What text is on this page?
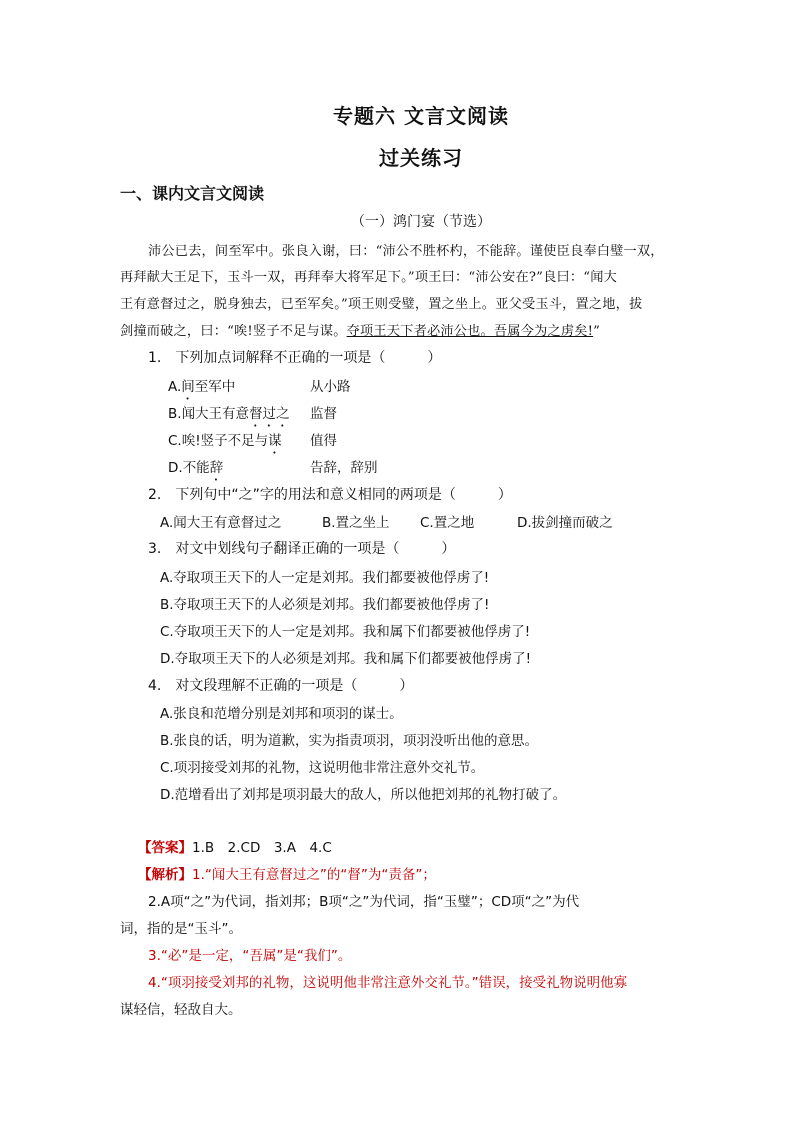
专题六 文言文阅读
过关练习
一、课内文言文阅读
（一）鸿门宴（节选）
沛公已去，间至军中。张良入谢，曰：“沛公不胜杯杓，不能辞。谨使臣良奉白璧一双，
再拜献大王足下，玉斗一双，再拜奉大将军足下。”项王曰：“沛公安在?”良曰：“闻大
王有意督过之，脱身独去，已至军矣。”项王则受璧，置之坐上。亚父受玉斗，置之地，拔
剑撞而破之，曰：“唉!竖子不足与谋。夺项王天下者必沛公也。吾属今为之虏矣!”
1.　下列加点词解释不正确的一项是（　　　）
A.间至军中	从小路
B.闻大王有意督过之 监督
C.唉!竖子不足与谋 值得
D.不能辞	告辞，辞别
2.　下列句中“之”字的用法和意义相同的两项是（　　　）
A.闻大王有意督过之	B.置之坐上 C.置之地	D.拔剑撞而破之
3.　对文中划线句子翻译正确的一项是（　　　）
A.夺取项王天下的人一定是刘邦。我们都要被他俘虏了!
B.夺取项王天下的人必须是刘邦。我们都要被他俘虏了!
C.夺取项王天下的人一定是刘邦。我和属下们都要被他俘虏了!
D.夺取项王天下的人必须是刘邦。我和属下们都要被他俘虏了!
4.　对文段理解不正确的一项是（　　　）
A.张良和范增分别是刘邦和项羽的谋士。
B.张良的话，明为道歉，实为指责项羽，项羽没听出他的意思。
C.项羽接受刘邦的礼物，这说明他非常注意外交礼节。
D.范增看出了刘邦是项羽最大的敌人，所以他把刘邦的礼物打破了。
【答案】1.B　2.CD　3.A　4.C
【解析】1.“闻大王有意督过之”的“督”为“责备”；
2.A项“之”为代词，指刘邦；B项“之”为代词，指“玉璧”；CD项“之”为代
词，指的是“玉斗”。
3.“必”是一定，“吾属”是“我们”。
4.“项羽接受刘邦的礼物，这说明他非常注意外交礼节。”错误，接受礼物说明他寡
谋轻信，轻敌自大。
